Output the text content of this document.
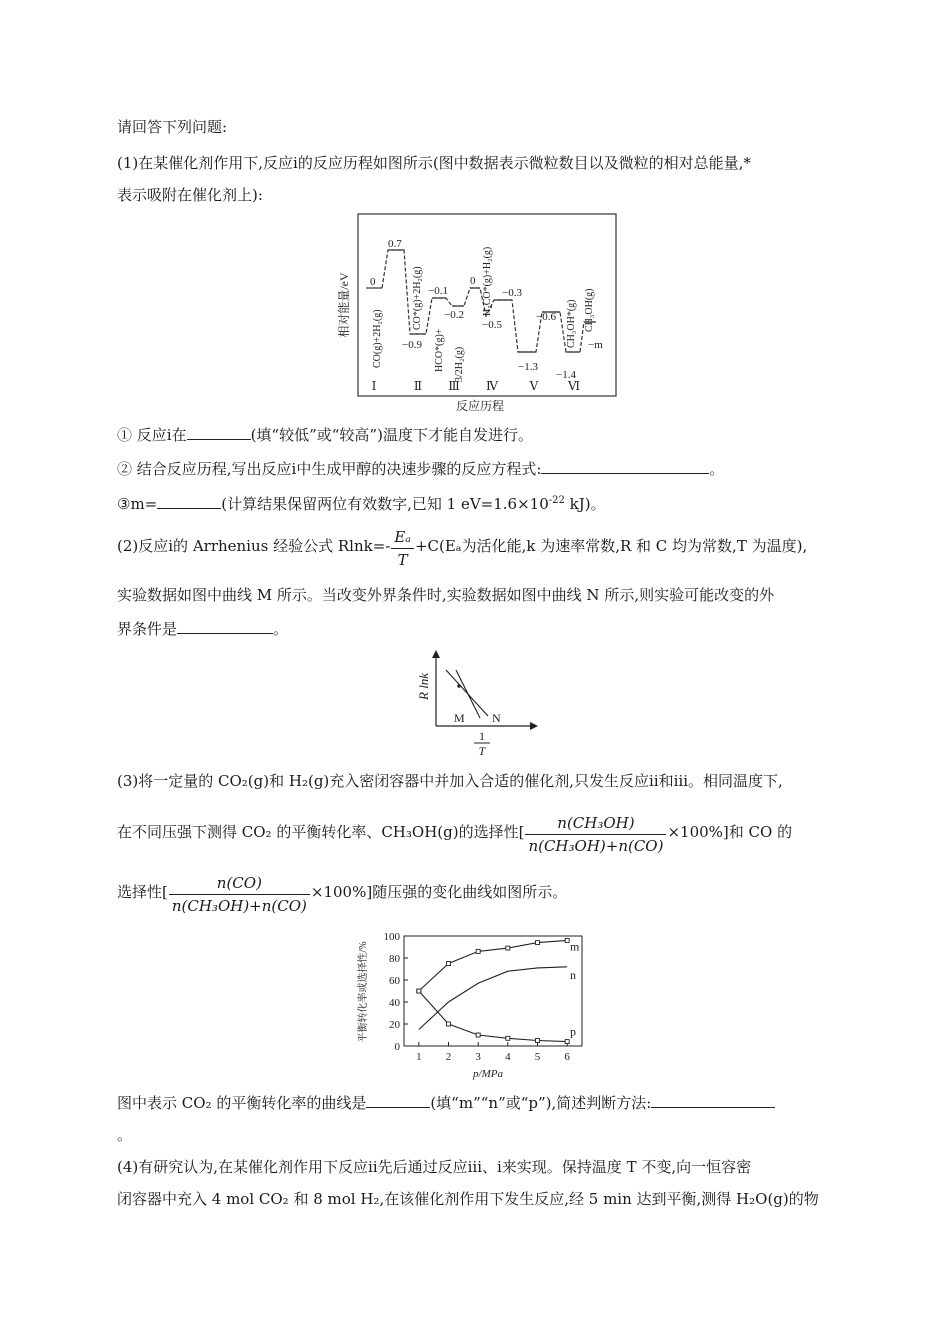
请回答下列问题:
(1)在某催化剂作用下,反应ⅰ的反应历程如图所示(图中数据表示微粒数目以及微粒的相对总能量,*
表示吸附在催化剂上):
相对能量/eV
反应历程
0
0.7
−0.9
−0.1
−0.2
0
−0.5
−0.3
−1.3
−0.6
−1.4
−m
CO(g)+2H₂(g)
CO*(g)+2H₂(g)
HCO*(g)+ 3/2H₂(g)
H₂CO*(g)+H₂(g)
CH₃OH*(g) CH₃OH(g)
Ⅰ	Ⅱ Ⅲ Ⅳ	Ⅴ Ⅵ
① 反应ⅰ在	(填“较低”或“较高”)温度下才能自发进行。
② 结合反应历程,写出反应ⅰ中生成甲醇的决速步骤的反应方程式:	。
③m=	(计算结果保留两位有效数字,已知 1 $eV=1.6\times 10^{-22}$ kJ)。
(2)反应ⅰ的 Arrhenius 经验公式 $Rlnk=- \frac{\text{Eₐ}}{T} +C(E_a$为活化能,k 为速率常数,R 和 C 均为常数,T 为温度),
实验数据如图中曲线 M 所示。当改变外界条件时,实验数据如图中曲线 N 所示,则实验可能改变的外
界条件是	。
R lnk
M N
1
T
(3)将一定量的 CO₂(g)和 H₂(g)充入密闭容器中并加入合适的催化剂,只发生反应ⅱ和ⅲ。相同温度下,
在不同压强下测得 CO₂ 的平衡转化率、CH₃OH(g)的选择性[ $\frac{\text{n(CH₃OH)}}{\text{n(CH₃OH)+n(CO)}} \times 100\%$]和 CO 的
选择性[ $\frac{n(CO)}{\text{n(CH₃OH)+n(CO)}} \times 100\%$]随压强的变化曲线如图所示。
平衡转化率或选择性/%
p/MPa
0
20
40
60
80
100
1 2 3 4 5 6
m
n
p
图中表示 CO₂ 的平衡转化率的曲线是	(填“m”“n”或“p”),简述判断方法:
。
(4)有研究认为,在某催化剂作用下反应ⅱ先后通过反应ⅲ、ⅰ来实现。保持温度 T 不变,向一恒容密
闭容器中充入 4 mol CO₂ 和 8 mol H₂,在该催化剂作用下发生反应,经 5 min 达到平衡,测得 H₂O(g)的物
